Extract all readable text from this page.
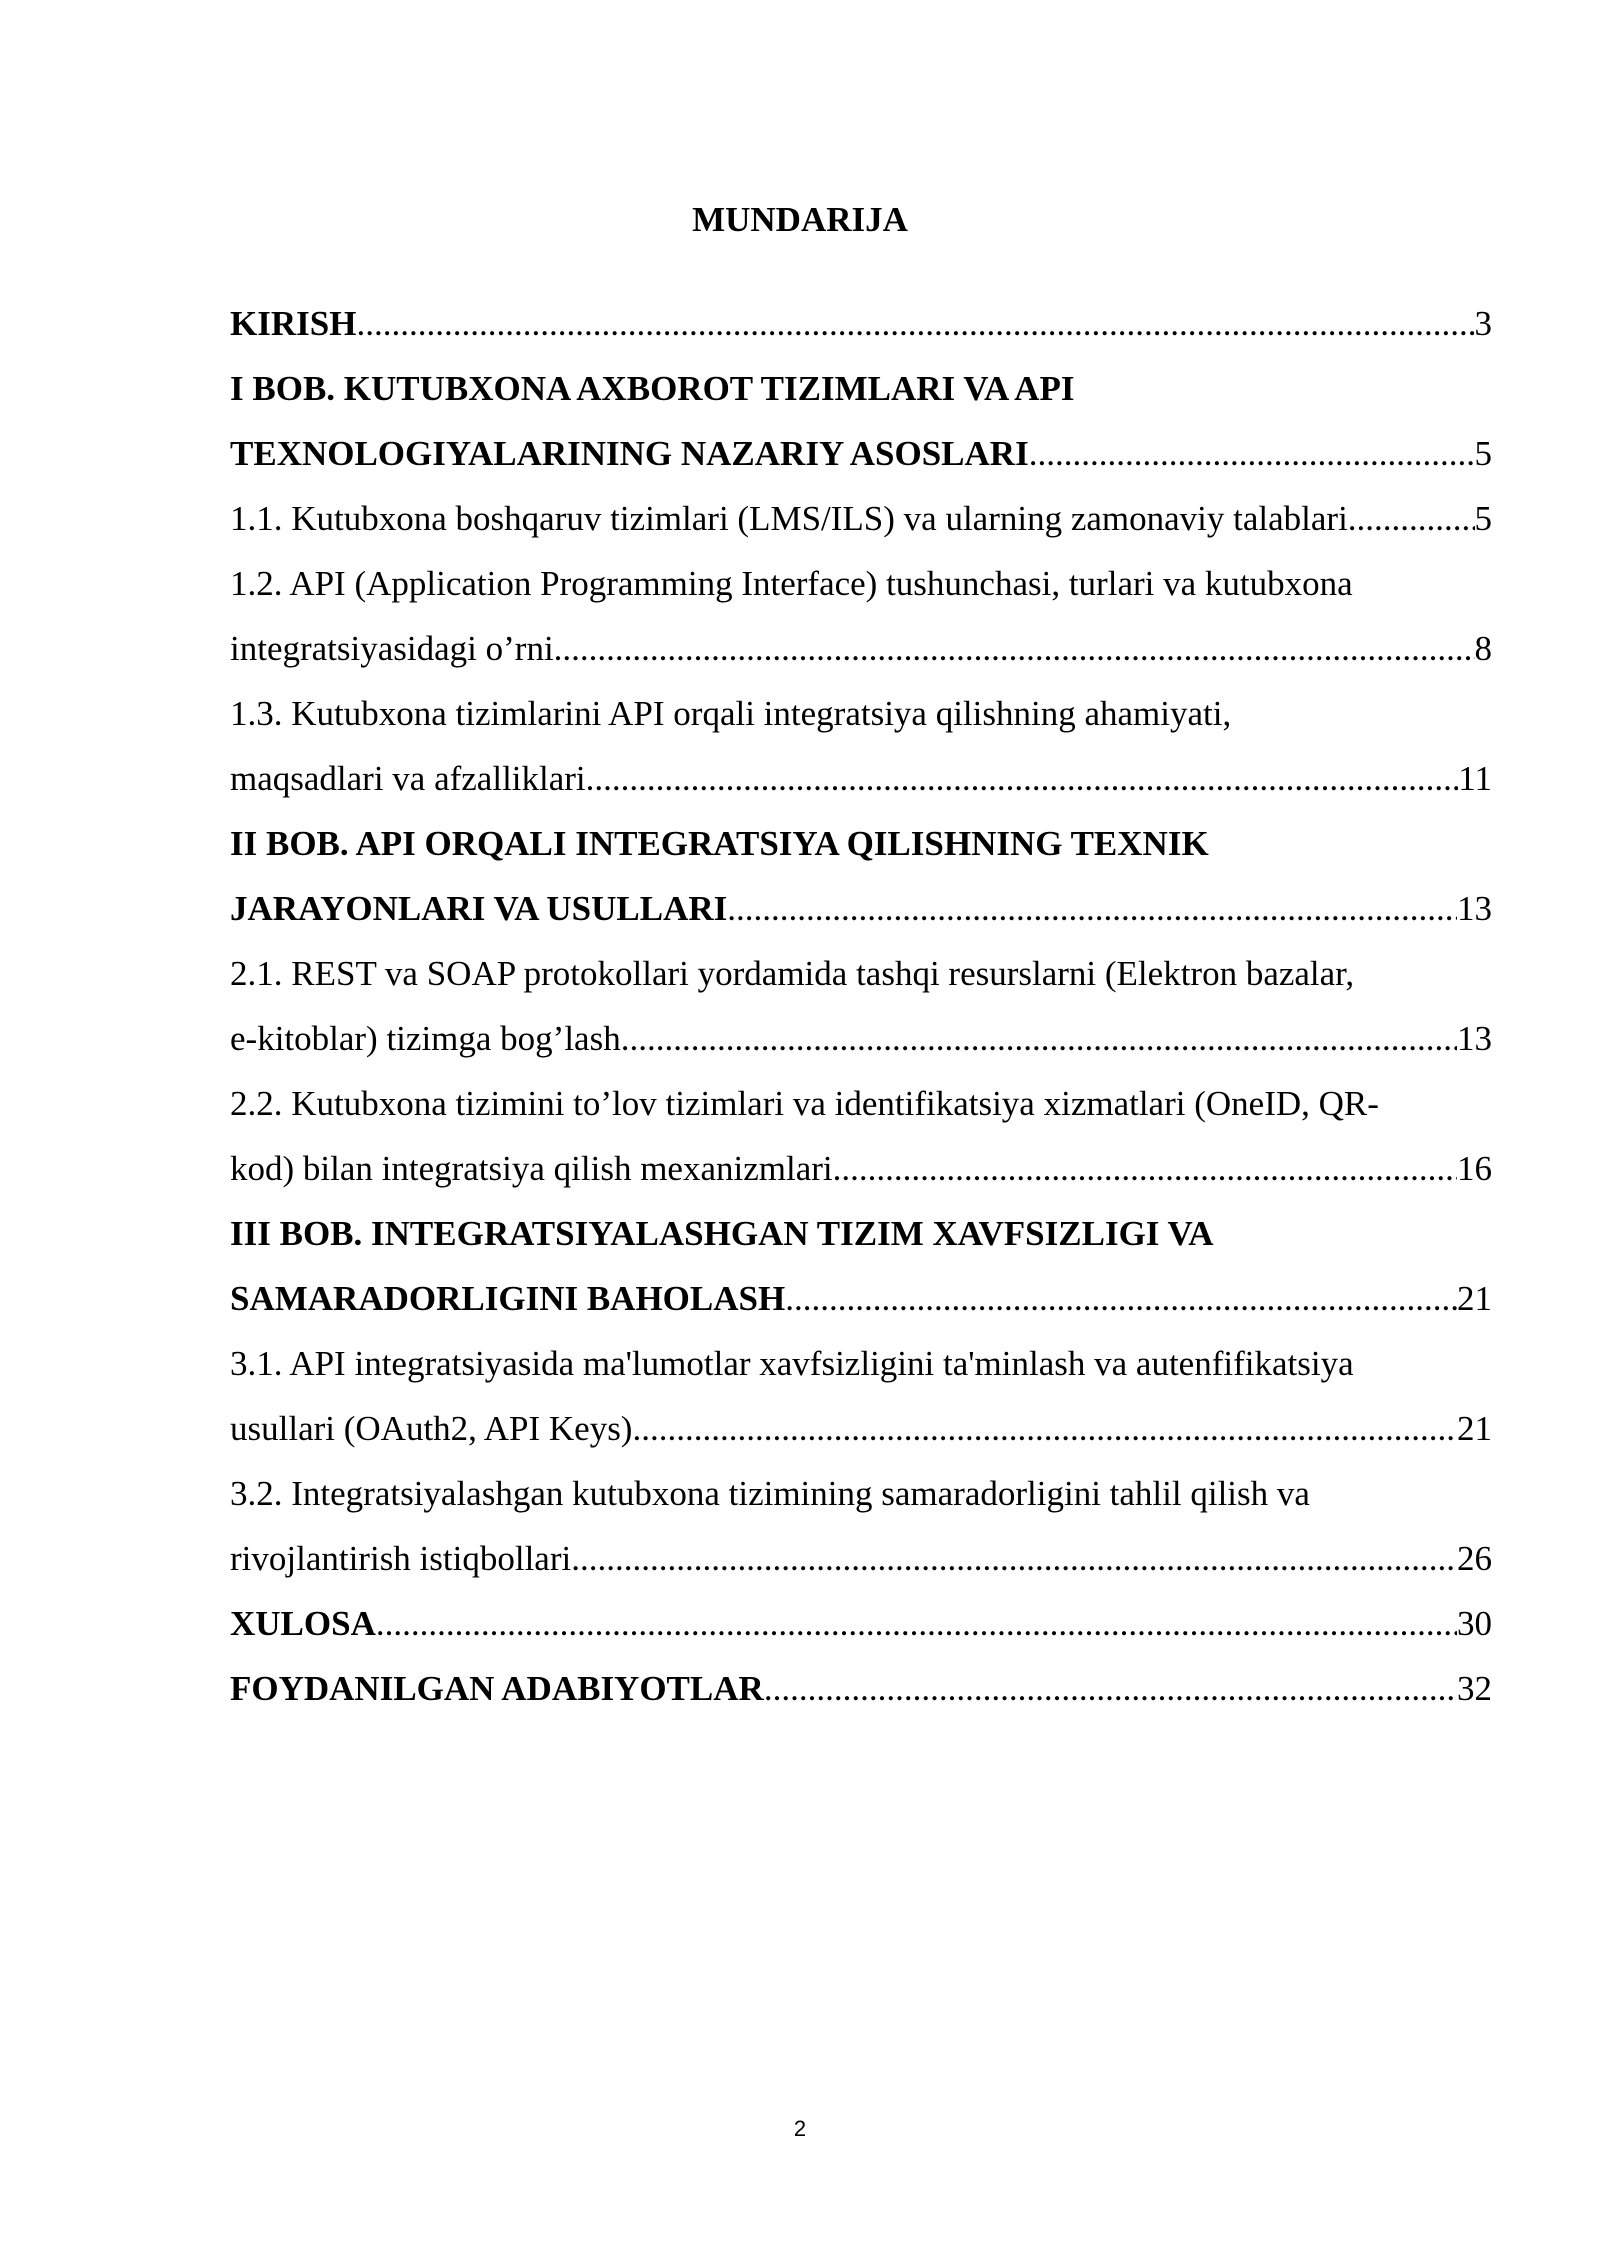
MUNDARIJA
KIRISH .....	3
I BOB. KUTUBXONA AXBOROT TIZIMLARI VA API
TEXNOLOGIYALARINING NAZARIY ASOSLARI .....	5
1.1. Kutubxona boshqaruv tizimlari (LMS/ILS) va ularning zamonaviy talablari .....	5
1.2. API (Application Programming Interface) tushunchasi, turlari va kutubxona
integratsiyasidagi o’rni .....	8
1.3. Kutubxona tizimlarini API orqali integratsiya qilishning ahamiyati,
maqsadlari va afzalliklari .....	11
II BOB. API ORQALI INTEGRATSIYA QILISHNING TEXNIK
JARAYONLARI VA USULLARI .....	13
2.1. REST va SOAP protokollari yordamida tashqi resurslarni (Elektron bazalar,
e-kitoblar) tizimga bog’lash .....	13
2.2. Kutubxona tizimini to’lov tizimlari va identifikatsiya xizmatlari (OneID, QR-
kod) bilan integratsiya qilish mexanizmlari .....	16
III BOB. INTEGRATSIYALASHGAN TIZIM XAVFSIZLIGI VA
SAMARADORLIGINI BAHOLASH .....	21
3.1. API integratsiyasida ma'lumotlar xavfsizligini ta'minlash va autenfifikatsiya
usullari (OAuth2, API Keys) .....	21
3.2. Integratsiyalashgan kutubxona tizimining samaradorligini tahlil qilish va
rivojlantirish istiqbollari .....	26
XULOSA .....	30
FOYDANILGAN ADABIYOTLAR .....	32
2
